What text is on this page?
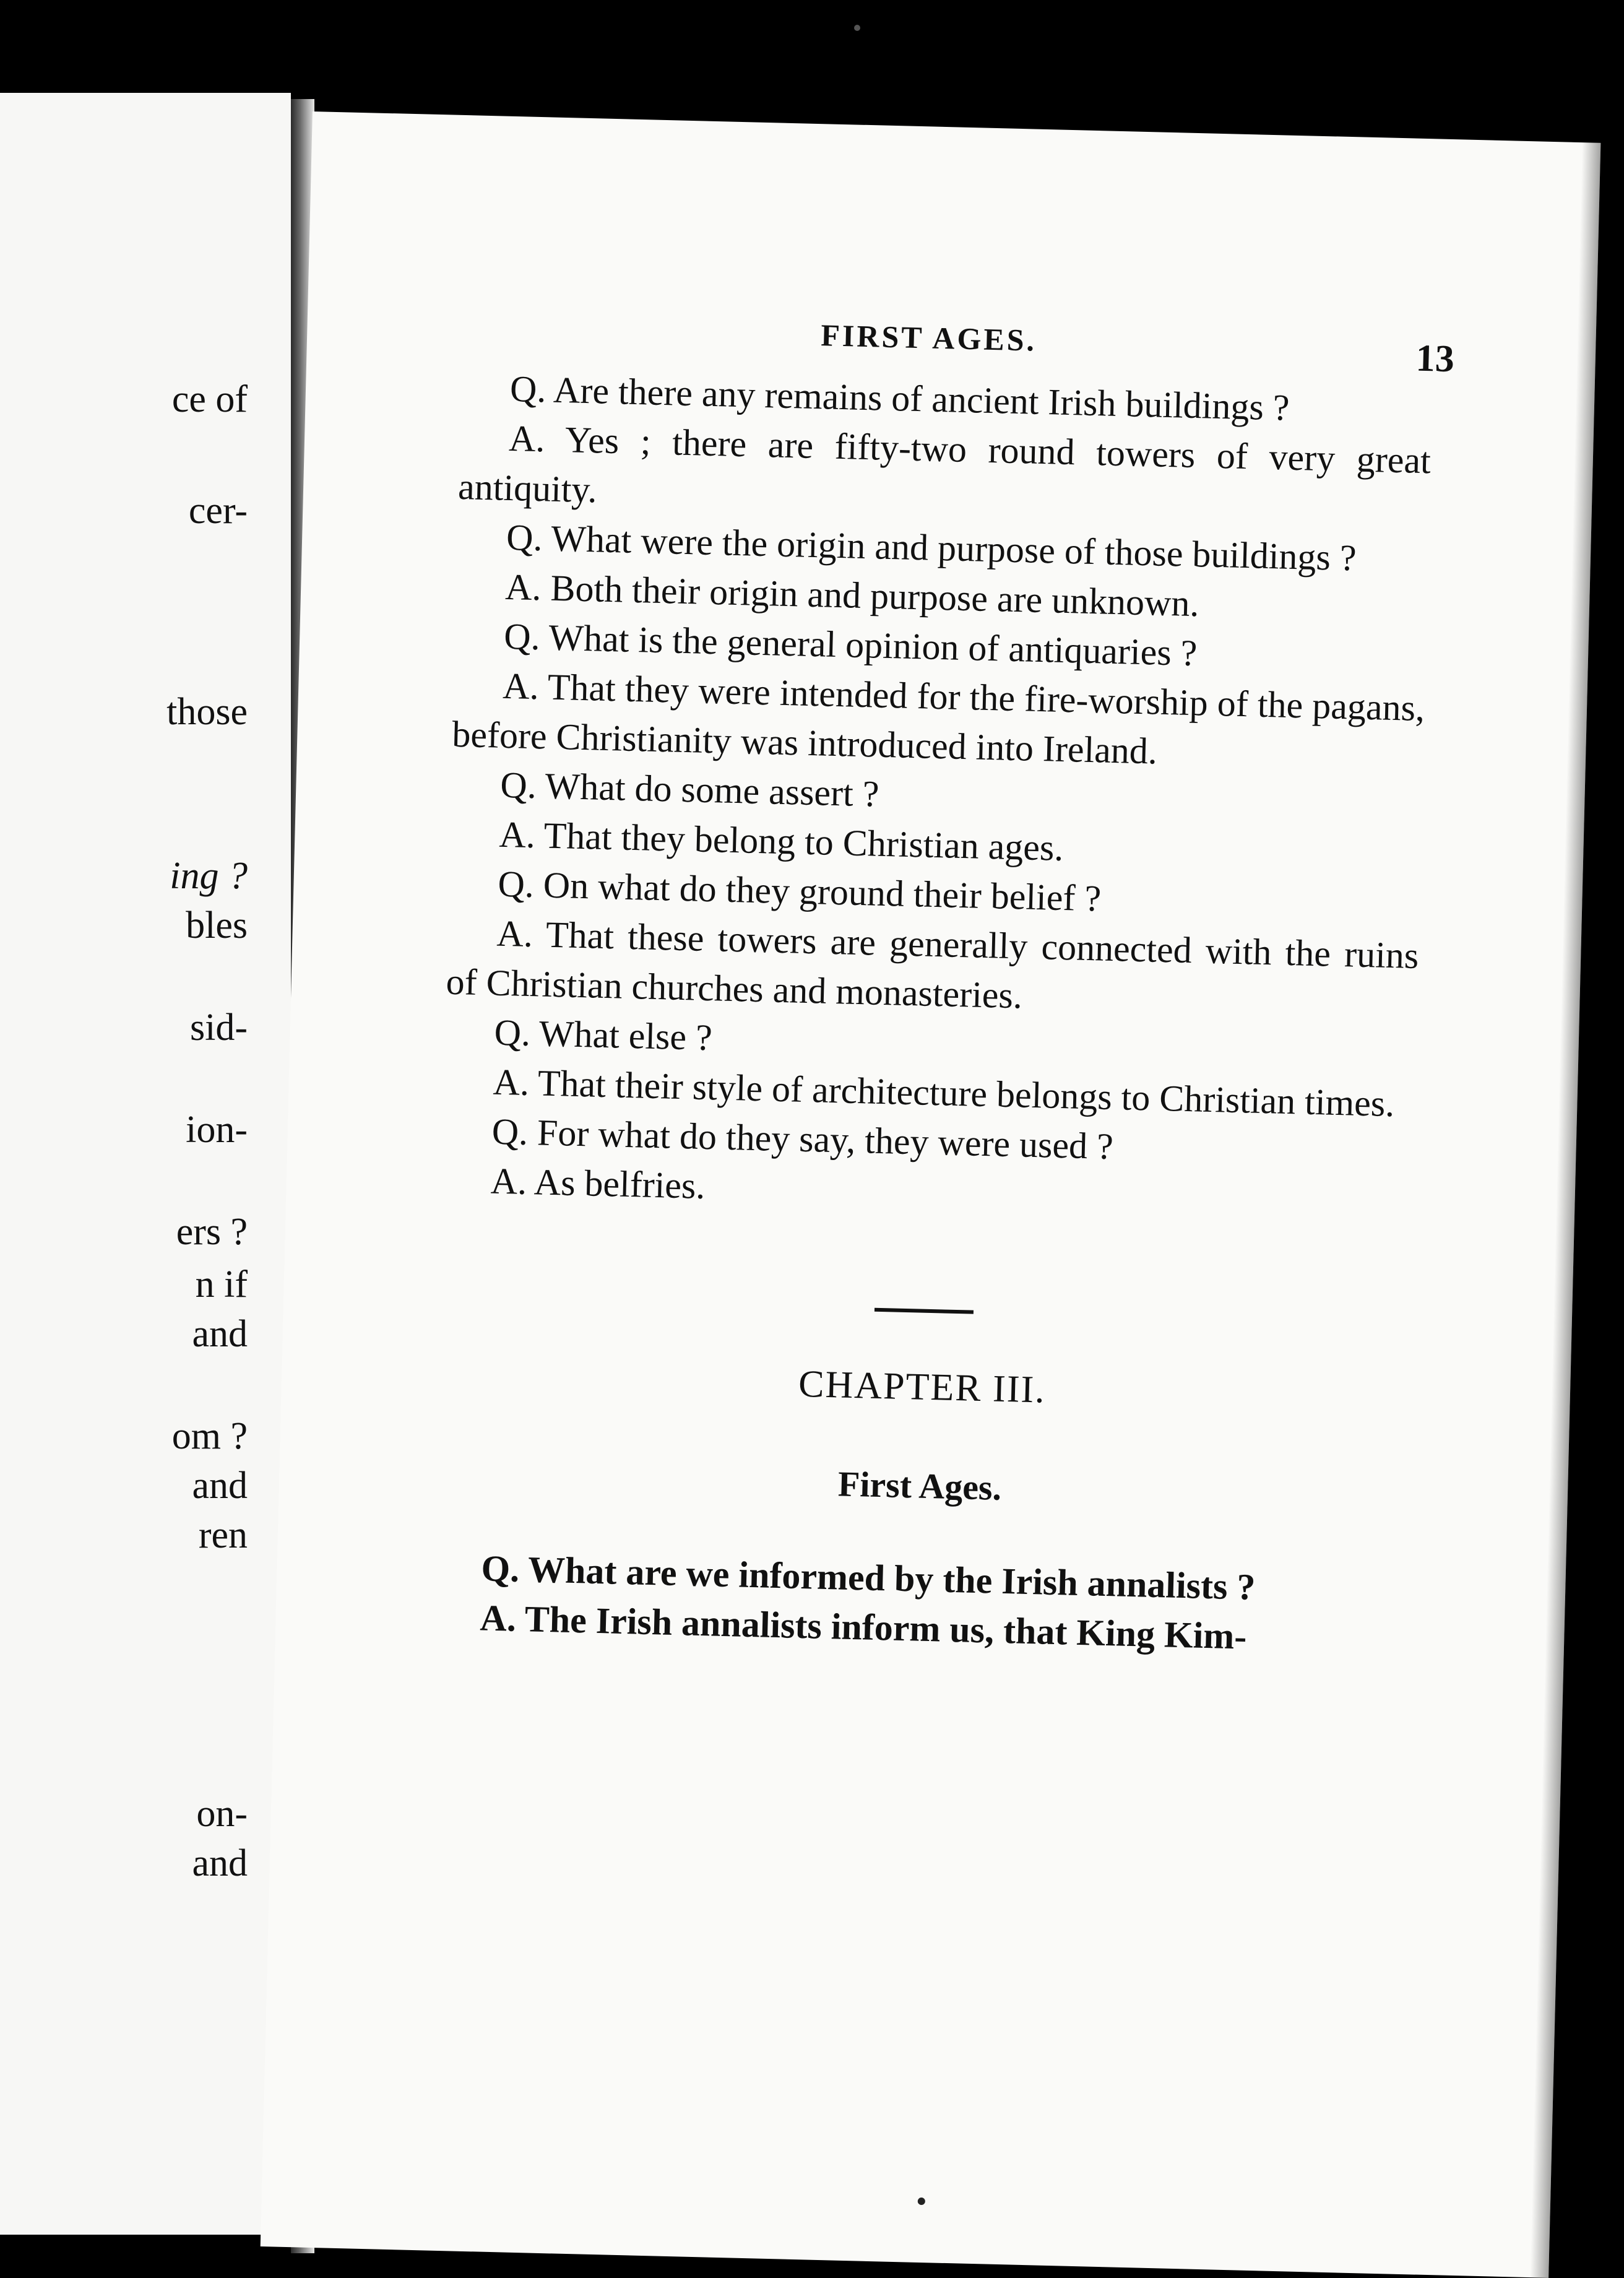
ce of
cer-
those
ing ?
bles
sid-
ion-
ers ?
n if
and
om ?
and
ren
on-
and
FIRST AGES.	13

Q. Are there any remains of ancient Irish buildings ?

A. Yes ; there are fifty-two round towers of very great antiquity.

Q. What were the origin and purpose of those buildings ?

A. Both their origin and purpose are unknown.

Q. What is the general opinion of antiquaries ?

A. That they were intended for the fire-worship of the pagans, before Christianity was introduced into Ireland.

Q. What do some assert ?

A. That they belong to Christian ages.

Q. On what do they ground their belief ?

A. That these towers are generally connected with the ruins of Christian churches and monasteries.

Q. What else ?

A. That their style of architecture belongs to Christian times.

Q. For what do they say, they were used ?

A. As belfries.

CHAPTER III.

First Ages.

Q. What are we informed by the Irish annalists ?

A. The Irish annalists inform us, that King Kim-
